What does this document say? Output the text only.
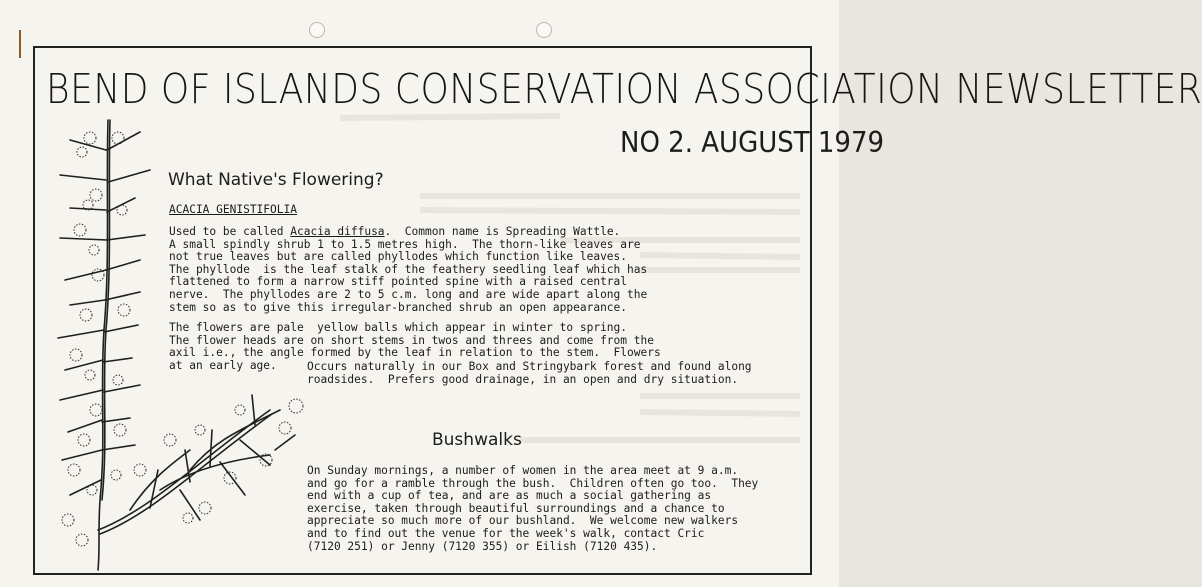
BEND OF ISLANDS CONSERVATION ASSOCIATION NEWSLETTER
NO 2. AUGUST 1979
What Native's Flowering?
ACACIA GENISTIFOLIA
Used to be called Acacia diffusa.  Common name is Spreading Wattle.
A small spindly shrub 1 to 1.5 metres high.  The thorn-like leaves are
not true leaves but are called phyllodes which function like leaves.
The phyllode  is the leaf stalk of the feathery seedling leaf which has
flattened to form a narrow stiff pointed spine with a raised central
nerve.  The phyllodes are 2 to 5 c.m. long and are wide apart along the
stem so as to give this irregular-branched shrub an open appearance.
The flowers are pale  yellow balls which appear in winter to spring.
The flower heads are on short stems in twos and threes and come from the
axil i.e., the angle formed by the leaf in relation to the stem.  Flowers
at an early age.	Occurs naturally in our Box and Stringybark forest and found along
roadsides.  Prefers good drainage, in an open and dry situation.
Bushwalks
On Sunday mornings, a number of women in the area meet at 9 a.m.
and go for a ramble through the bush.  Children often go too.  They
end with a cup of tea, and are as much a social gathering as
exercise, taken through beautiful surroundings and a chance to
appreciate so much more of our bushland.  We welcome new walkers
and to find out the venue for the week's walk, contact Cric
(7120 251) or Jenny (7120 355) or Eilish (7120 435).
